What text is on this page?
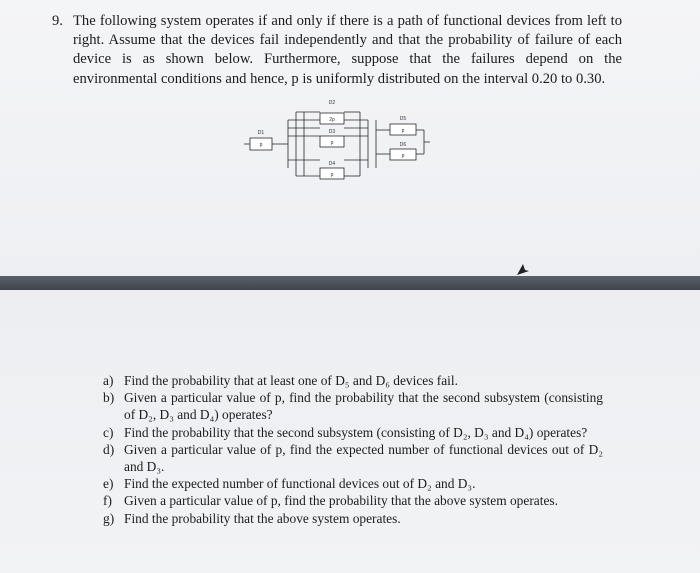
9. The following system operates if and only if there is a path of functional devices from left to right. Assume that the devices fail independently and that the probability of failure of each device is as shown below. Furthermore, suppose that the failures depend on the environmental conditions and hence, p is uniformly distributed on the interval 0.20 to 0.30.
D1
p
D2
2p
D3
p
D4
p
D5
p
D6
p
a) Find the probability that at least one of D₅ and D₆ devices fail.
b) Given a particular value of p, find the probability that the second subsystem (consisting of D₂, D₃ and D₄) operates?
c) Find the probability that the second subsystem (consisting of D₂, D₃ and D₄) operates?
d) Given a particular value of p, find the expected number of functional devices out of D₂ and D₃.
e) Find the expected number of functional devices out of D₂ and D₃.
f) Given a particular value of p, find the probability that the above system operates.
g) Find the probability that the above system operates.
